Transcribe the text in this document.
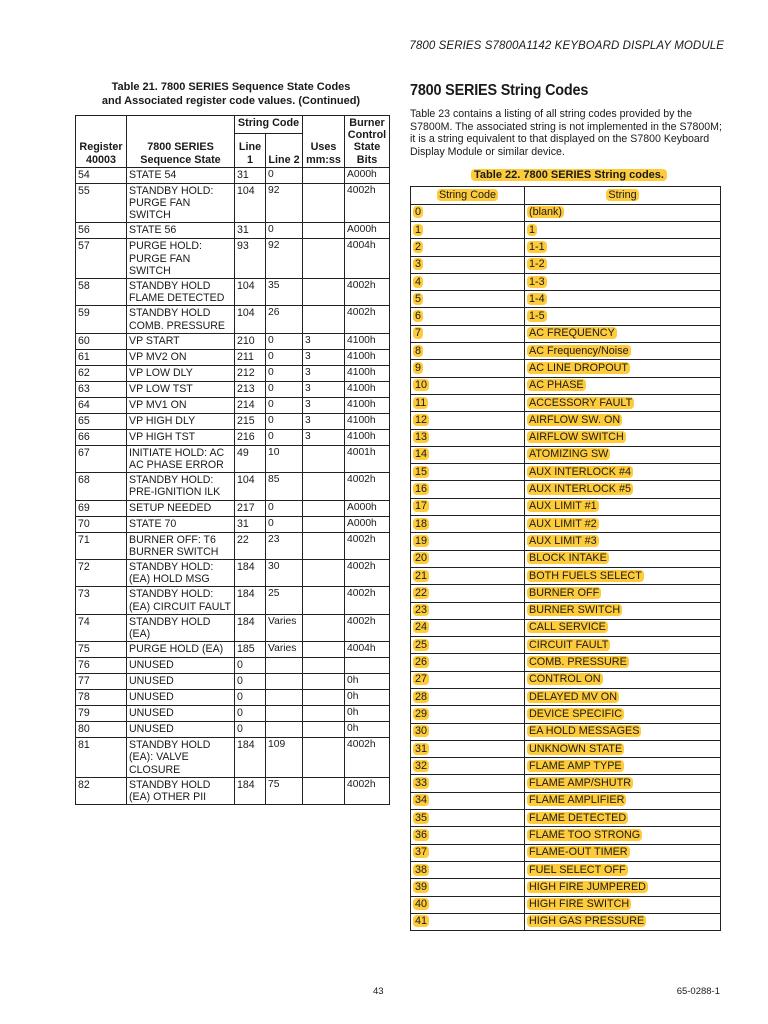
7800 SERIES S7800A1142 KEYBOARD DISPLAY MODULE
Table 21. 7800 SERIES Sequence State Codes
and Associated register code values. (Continued)
Register 40003	7800 SERIES Sequence State	String Code		Uses mm:ss	Burner Control State Bits
		Line 1	Line 2		
54	STATE 54	31	0		A000h
55	STANDBY HOLD: PURGE FAN SWITCH	104	92		4002h
56	STATE 56	31	0		A000h
57	PURGE HOLD: PURGE FAN SWITCH	93	92		4004h
58	STANDBY HOLD FLAME DETECTED	104	35		4002h
59	STANDBY HOLD COMB. PRESSURE	104	26		4002h
60	VP START	210	0	3	4100h
61	VP MV2 ON	211	0	3	4100h
62	VP LOW DLY	212	0	3	4100h
63	VP LOW TST	213	0	3	4100h
64	VP MV1 ON	214	0	3	4100h
65	VP HIGH DLY	215	0	3	4100h
66	VP HIGH TST	216	0	3	4100h
67	INITIATE HOLD: AC AC PHASE ERROR	49	10		4001h
68	STANDBY HOLD: PRE-IGNITION ILK	104	85		4002h
69	SETUP NEEDED	217	0		A000h
70	STATE 70	31	0		A000h
71	BURNER OFF: T6 BURNER SWITCH	22	23		4002h
72	STANDBY HOLD: (EA) HOLD MSG	184	30		4002h
73	STANDBY HOLD: (EA) CIRCUIT FAULT	184	25		4002h
74	STANDBY HOLD (EA)	184	Varies		4002h
75	PURGE HOLD (EA)	185	Varies		4004h
76	UNUSED	0			
77	UNUSED	0			0h
78	UNUSED	0			0h
79	UNUSED	0			0h
80	UNUSED	0			0h
81	STANDBY HOLD (EA): VALVE CLOSURE	184	109		4002h
82	STANDBY HOLD (EA) OTHER PII	184	75		4002h
7800 SERIES String Codes
Table 23 contains a listing of all string codes provided by the S7800M. The associated string is not implemented in the S7800M; it is a string equivalent to that displayed on the S7800 Keyboard Display Module or similar device.
Table 22. 7800 SERIES String codes.
String Code	String
0	(blank)
1	1
2	1-1
3	1-2
4	1-3
5	1-4
6	1-5
7	AC FREQUENCY
8	AC Frequency/Noise
9	AC LINE DROPOUT
10	AC PHASE
11	ACCESSORY FAULT
12	AIRFLOW SW. ON
13	AIRFLOW SWITCH
14	ATOMIZING SW
15	AUX INTERLOCK #4
16	AUX INTERLOCK #5
17	AUX LIMIT #1
18	AUX LIMIT #2
19	AUX LIMIT #3
20	BLOCK INTAKE
21	BOTH FUELS SELECT
22	BURNER OFF
23	BURNER SWITCH
24	CALL SERVICE
25	CIRCUIT FAULT
26	COMB. PRESSURE
27	CONTROL ON
28	DELAYED MV ON
29	DEVICE SPECIFIC
30	EA HOLD MESSAGES
31	UNKNOWN STATE
32	FLAME AMP TYPE
33	FLAME AMP/SHUTR
34	FLAME AMPLIFIER
35	FLAME DETECTED
36	FLAME TOO STRONG
37	FLAME-OUT TIMER
38	FUEL SELECT OFF
39	HIGH FIRE JUMPERED
40	HIGH FIRE SWITCH
41	HIGH GAS PRESSURE
43	65-0288-1
